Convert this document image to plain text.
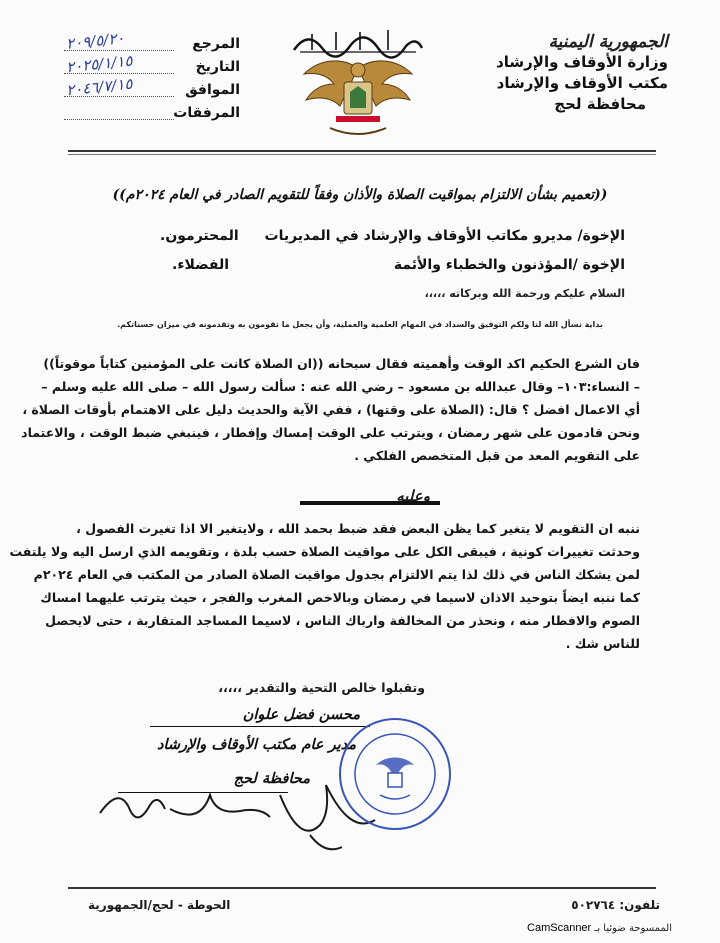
الجمهورية اليمنية
وزارة الأوقاف والإرشاد
مكتب الأوقاف والإرشاد
محافظة لحج
المرجع
٢٠٩/٥/٢٠
التاريخ
٢٠٢٥/١/١٥
الموافق
٢٠٤٦/٧/١٥
المرفقات
((تعميم بشأن الالتزام بمواقيت الصلاة والأذان وفقاً للتقويم الصادر في العام ٢٠٢٤م))
الإخوة/ مديرو مكاتب الأوقاف والإرشاد في المديريات
المحترمون.
الإخوة /المؤذنون والخطباء والأئمة
الفضلاء.
السلام عليكم ورحمة الله وبركاته ،،،،،
بداية نسأل الله لنا ولكم التوفيق والسداد في المهام العلمية والعملية، وأن يجعل ما تقومون به وتقدمونه في ميزان حسناتكم.
فان الشرع الحكيم اكد الوقت وأهميته فقال سبحانه ((ان الصلاة كانت على المؤمنين كتاباً موقوتاً))
– النساء:١٠٣– وقال عبدالله بن مسعود – رضي الله عنه : سألت رسول الله – صلى الله عليه وسلم –
أي الاعمال افضل ؟ قال: (الصلاة على وقتها) ، ففي الآية والحديث دليل على الاهتمام بأوقات الصلاة ،
ونحن قادمون على شهر رمضان ، ويترتب على الوقت إمساك وإفطار ، فينبغي ضبط الوقت ، والاعتماد
على التقويم المعد من قبل المتخصص الفلكي .
وعليه
ننبه ان التقويم لا يتغير كما يظن البعض فقد ضبط بحمد الله ، ولايتغير الا اذا تغيرت الفصول ،
وحدثت تغييرات كونية ، فيبقى الكل على مواقيت الصلاة حسب بلدة ، وتقويمه الذي ارسل اليه ولا يلتفت
لمن يشكك الناس في ذلك لذا يتم الالتزام بجدول مواقيت الصلاة الصادر من المكتب في العام ٢٠٢٤م
كما ننبه ايضاً بتوحيد الاذان لاسيما في رمضان وبالاخص المغرب والفجر ، حيث يترتب عليهما امساك
الصوم والافطار منه ، ونحذر من المخالفة وارباك الناس ، لاسيما المساجد المتقاربة ، حتى لايحصل
للناس شك .
وتقبلوا خالص التحية والتقدير ،،،،،
محسن فضل علوان
مدير عام مكتب الأوقاف والإرشاد
محافظة لحج
تلفون: ٥٠٢٧٦٤
الحوطة - لحج/الجمهورية
الممسوحة ضوئيا بـ CamScanner
